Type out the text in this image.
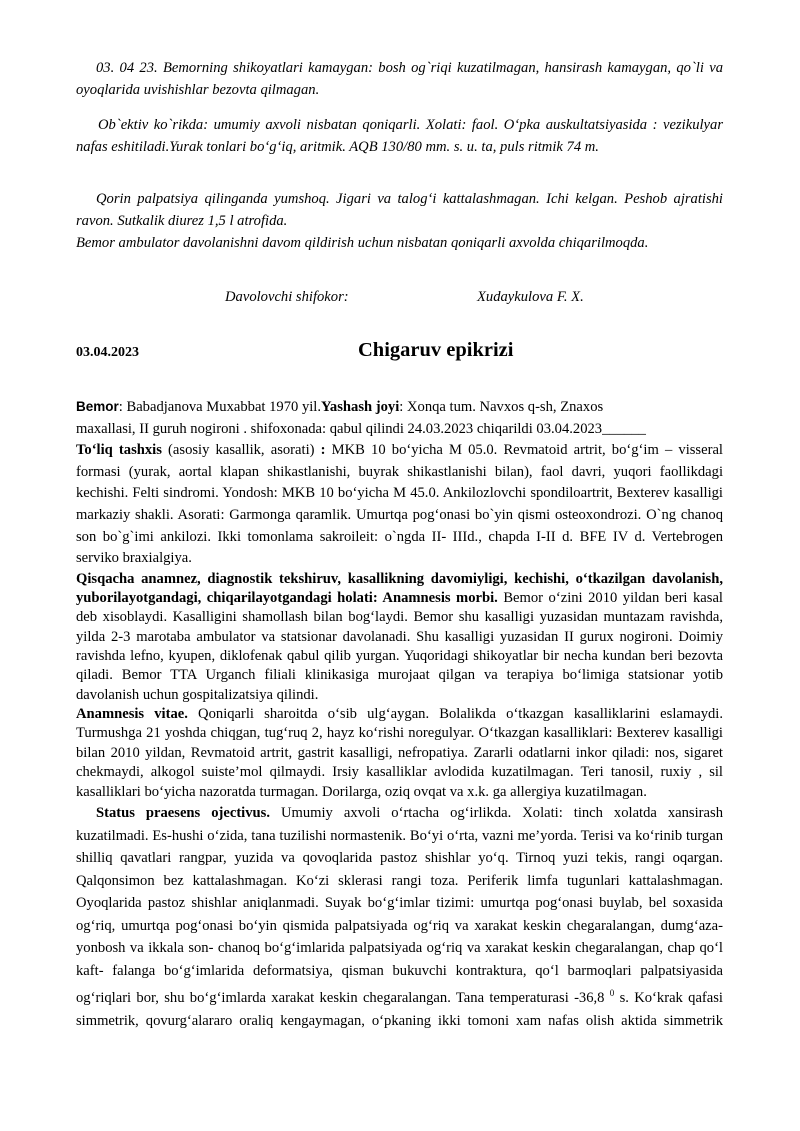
03. 04 23. Bemorning shikoyatlari kamaygan: bosh og`riqi kuzatilmagan, hansirash kamaygan, qo`li va oyoqlarida uvishishlar bezovta qilmagan.

Ob`ektiv ko`rikda: umumiy axvoli nisbatan qoniqarli. Xolati: faol. O‘pka auskultatsiyasida : vezikulyar nafas eshitiladi.Yurak tonlari bo‘g‘iq, aritmik. AQB 130/80 mm. s. u. ta, puls ritmik 74 m.

Qorin palpatsiya qilinganda yumshoq. Jigari va talog‘i kattalashmagan. Ichi kelgan. Peshob ajratishi ravon. Sutkalik diurez 1,5 l atrofida.

Bemor ambulator davolanishni davom qildirish uchun nisbatan qoniqarli axvolda chiqarilmoqda.

Davolovchi shifokor:	Xudaykulova F. X.
03.04.2023	Chigaruv epikrizi

Bemor: Babadjanova Muxabbat 1970 yil.Yashash joyi: Xonqa tum. Navxos q-sh, Znaxos

maxallasi, II guruh nogironi . shifoxonada: qabul qilindi 24.03.2023 chiqarildi 03.04.2023______

To‘liq tashxis (asosiy kasallik, asorati) : MKB 10 bo‘yicha M 05.0. Revmatoid artrit, bo‘g‘im – visseral formasi (yurak, aortal klapan shikastlanishi, buyrak shikastlanishi bilan), faol davri, yuqori faollikdagi kechishi. Felti sindromi. Yondosh: MKB 10 bo‘yicha M 45.0. Ankilozlovchi spondiloartrit, Bexterev kasalligi markaziy shakli. Asorati: Garmonga qaramlik. Umurtqa pog‘onasi bo`yin qismi osteoxondrozi. O`ng chanoq son bo`g`imi ankilozi. Ikki tomonlama sakroileit: o`ngda II- IIId., chapda I-II d. BFE IV d. Vertebrogen serviko braxialgiya.

Qisqacha anamnez, diagnostik tekshiruv, kasallikning davomiyligi, kechishi, o‘tkazilgan davolanish, yuborilayotgandagi, chiqarilayotgandagi holati: Anamnesis morbi. Bemor o‘zini 2010 yildan beri kasal deb xisoblaydi. Kasalligini shamollash bilan bog‘laydi. Bemor shu kasalligi yuzasidan muntazam ravishda, yilda 2-3 marotaba ambulator va statsionar davolanadi. Shu kasalligi yuzasidan II gurux nogironi. Doimiy ravishda lefno, kyupen, diklofenak qabul qilib yurgan. Yuqoridagi shikoyatlar bir necha kundan beri bezovta qiladi. Bemor TTA Urganch filiali klinikasiga murojaat qilgan va terapiya bo‘limiga statsionar yotib davolanish uchun gospitalizatsiya qilindi.

Anamnesis vitae. Qoniqarli sharoitda o‘sib ulg‘aygan. Bolalikda o‘tkazgan kasalliklarini eslamaydi. Turmushga 21 yoshda chiqgan, tug‘ruq 2, hayz ko‘rishi noregulyar. O‘tkazgan kasalliklari: Bexterev kasalligi bilan 2010 yildan, Revmatoid artrit, gastrit kasalligi, nefropatiya. Zararli odatlarni inkor qiladi: nos, sigaret chekmaydi, alkogol suiste’mol qilmaydi. Irsiy kasalliklar avlodida kuzatilmagan. Teri tanosil, ruxiy , sil kasalliklari bo‘yicha nazoratda turmagan. Dorilarga, oziq ovqat va x.k. ga allergiya kuzatilmagan.

Status praesens ojectivus. Umumiy axvoli o‘rtacha og‘irlikda. Xolati: tinch xolatda xansirash kuzatilmadi. Es-hushi o‘zida, tana tuzilishi normastenik. Bo‘yi o‘rta, vazni me’yorda. Terisi va ko‘rinib turgan shilliq qavatlari rangpar, yuzida va qovoqlarida pastoz shishlar yo‘q. Tirnoq yuzi tekis, rangi oqargan. Qalqonsimon bez kattalashmagan. Ko‘zi sklerasi rangi toza. Periferik limfa tugunlari kattalashmagan. Oyoqlarida pastoz shishlar aniqlanmadi. Suyak bo‘g‘imlar tizimi: umurtqa pog‘onasi buylab, bel soxasida og‘riq, umurtqa pog‘onasi bo‘yin qismida palpatsiyada og‘riq va xarakat keskin chegaralangan, dumg‘aza- yonbosh va ikkala son- chanoq bo‘g‘imlarida palpatsiyada og‘riq va xarakat keskin chegaralangan, chap qo‘l kaft- falanga bo‘g‘imlarida deformatsiya, qisman bukuvchi kontraktura, qo‘l barmoqlari palpatsiyasida og‘riqlari bor, shu bo‘g‘imlarda xarakat keskin chegaralangan. Tana temperaturasi -36,8 $^0$ s. Ko‘krak qafasi simmetrik, qovurg‘alararo oraliq kengaymagan, o‘pkaning ikki tomoni xam nafas olish aktida simmetrik
